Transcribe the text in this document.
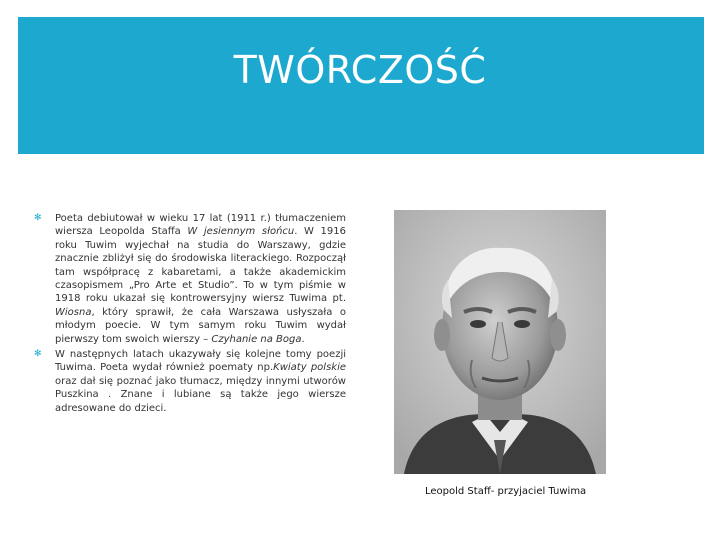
TWÓRCZOŚĆ
✻ Poeta debiutował w wieku 17 lat (1911 r.) tłumaczeniem wiersza Leopolda Staffa W jesiennym słońcu. W 1916 roku Tuwim wyjechał na studia do Warszawy, gdzie znacznie zbliżył się do środowiska literackiego. Rozpoczął tam współpracę z kabaretami, a także akademickim czasopismem „Pro Arte et Studio”. To w tym piśmie w 1918 roku ukazał się kontrowersyjny wiersz Tuwima pt. Wiosna, który sprawił, że cała Warszawa usłyszała o młodym poecie. W tym samym roku Tuwim wydał pierwszy tom swoich wierszy – Czyhanie na Boga.
✻ W następnych latach ukazywały się kolejne tomy poezji Tuwima. Poeta wydał również poematy np.Kwiaty polskie oraz dał się poznać jako tłumacz, między innymi utworów Puszkina . Znane i lubiane są także jego wiersze adresowane do dzieci.
Leopold Staff- przyjaciel Tuwima
